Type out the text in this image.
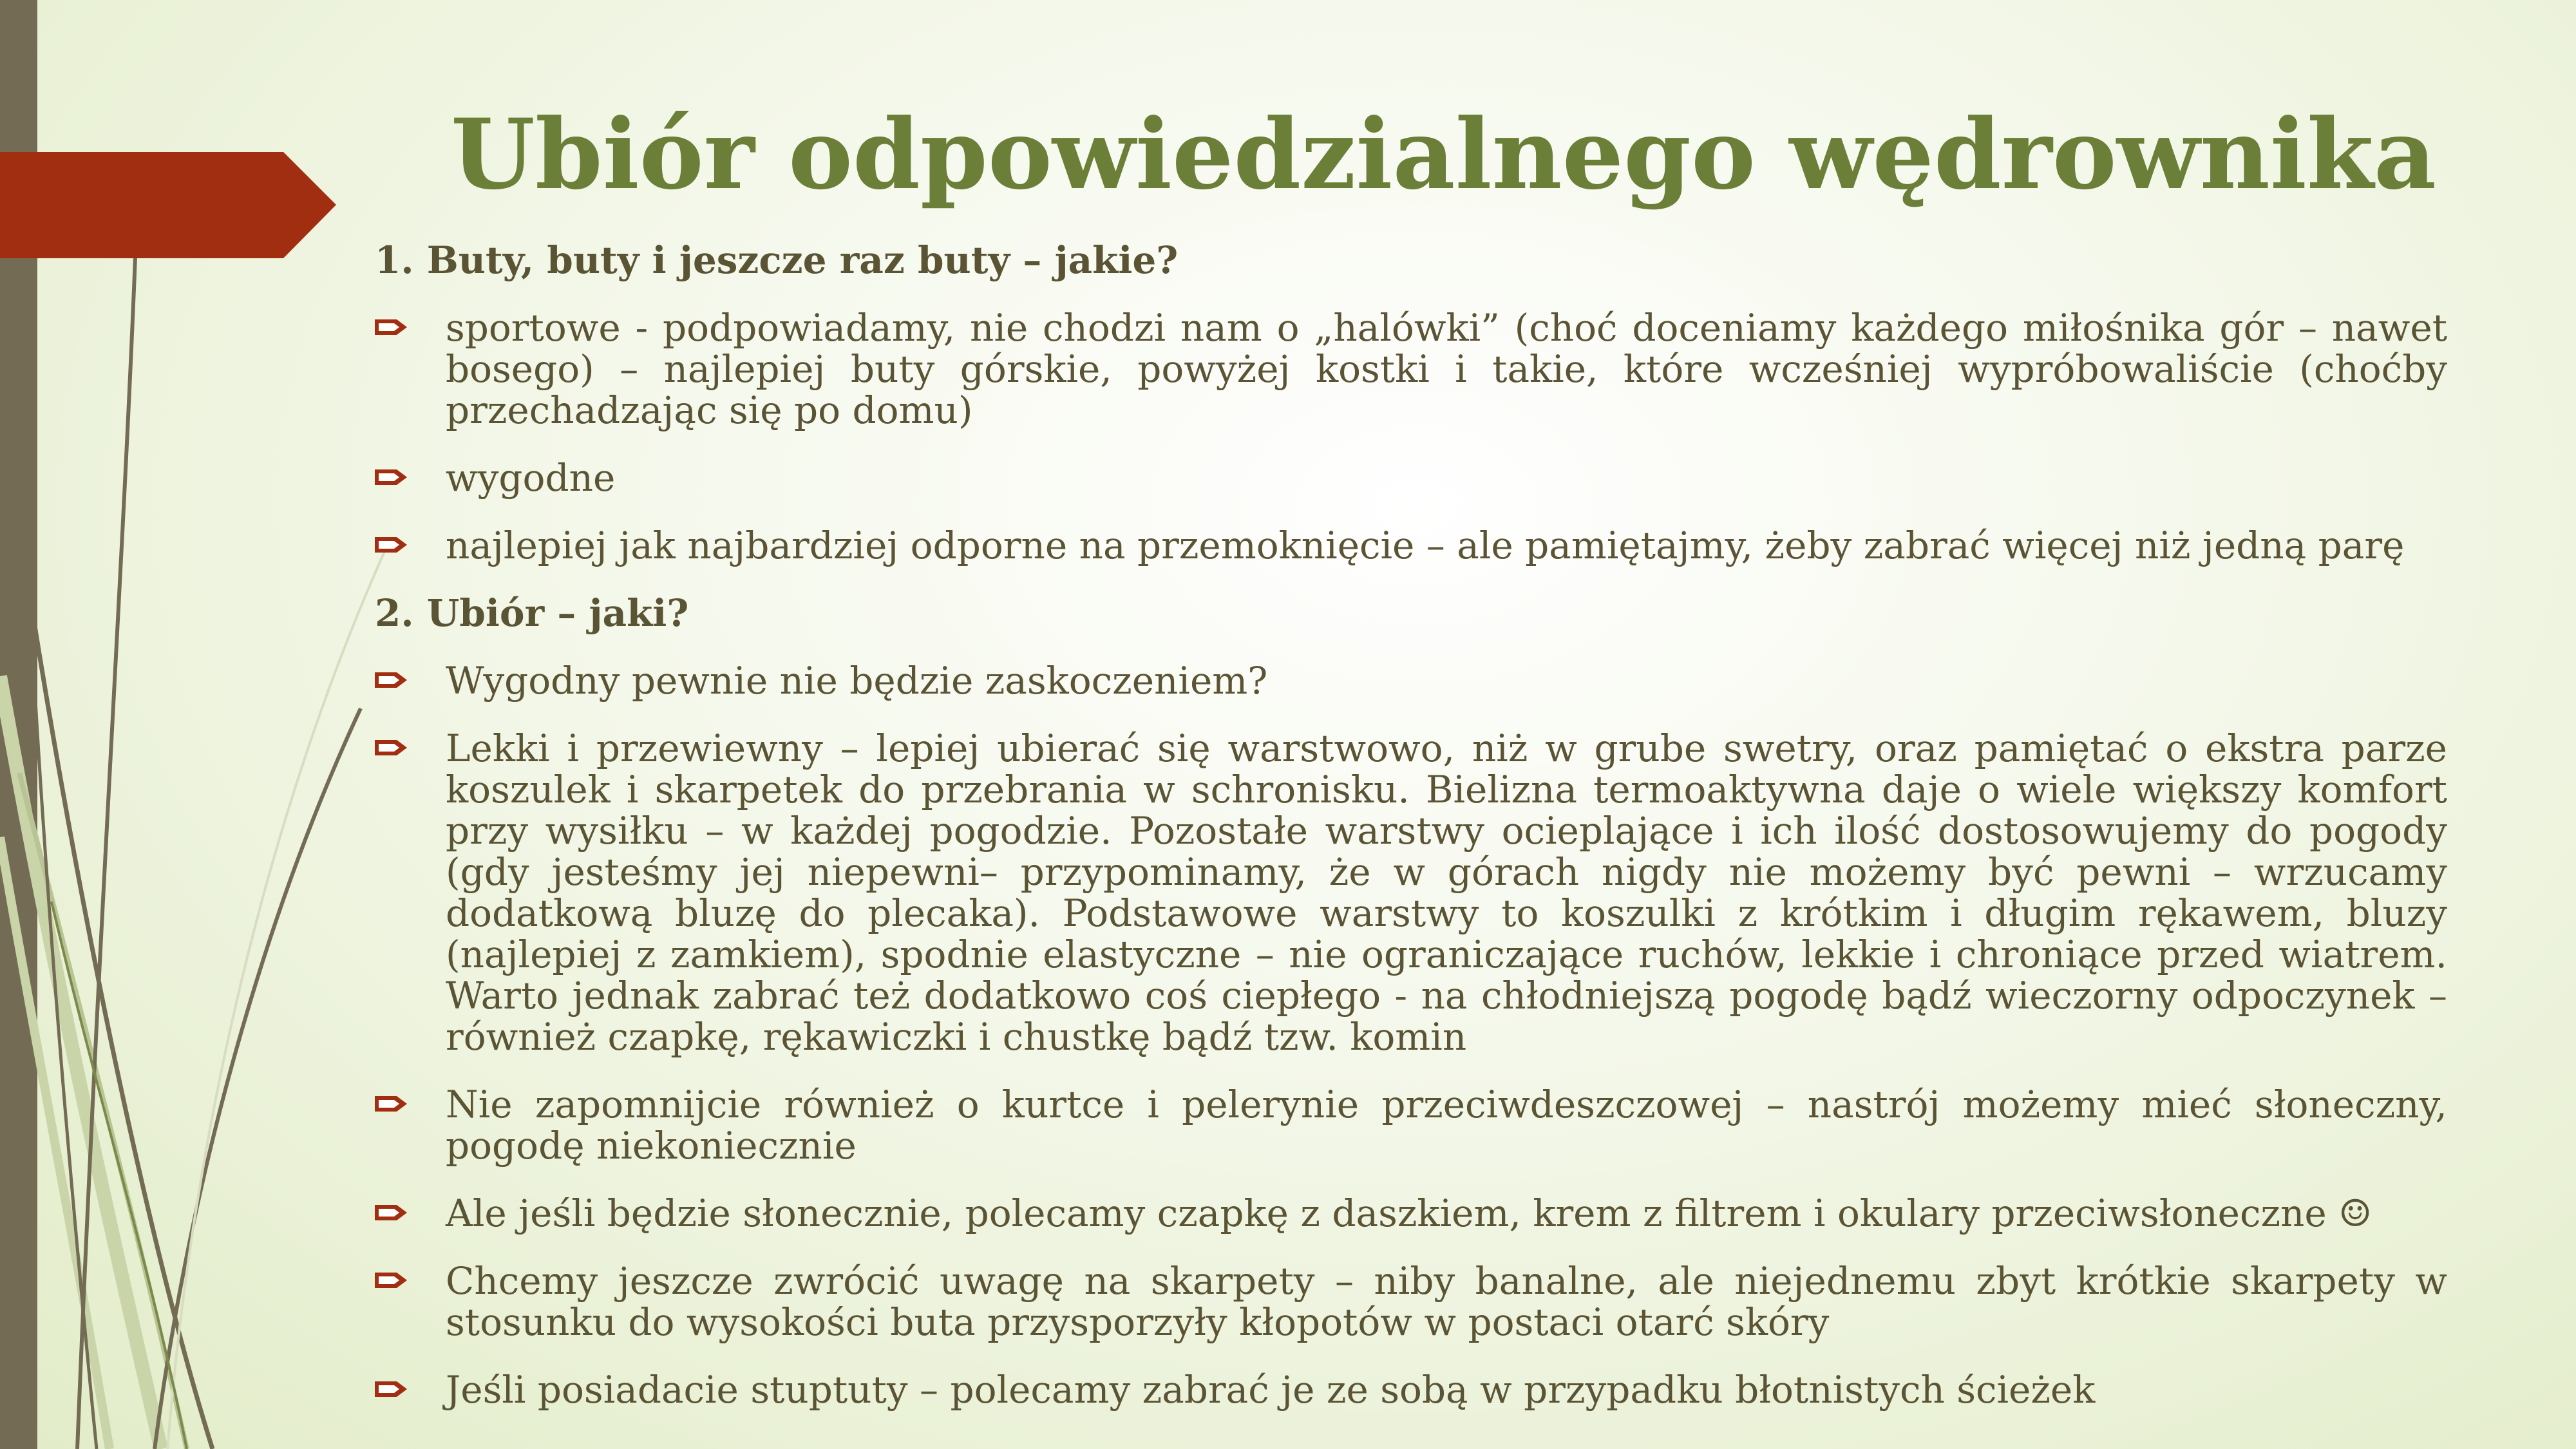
Ubiór odpowiedzialnego wędrownika
1. Buty, buty i jeszcze raz buty – jakie?
sportowe - podpowiadamy, nie chodzi nam o „halówki” (choć doceniamy każdego miłośnika gór – nawet bosego) – najlepiej buty górskie, powyżej kostki i takie, które wcześniej wypróbowaliście (choćby przechadzając się po domu)
wygodne
najlepiej jak najbardziej odporne na przemoknięcie – ale pamiętajmy, żeby zabrać więcej niż jedną parę
2. Ubiór – jaki?
Wygodny pewnie nie będzie zaskoczeniem?
Lekki i przewiewny – lepiej ubierać się warstwowo, niż w grube swetry, oraz pamiętać o ekstra parze koszulek i skarpetek do przebrania w schronisku. Bielizna termoaktywna daje o wiele większy komfort przy wysiłku – w każdej pogodzie. Pozostałe warstwy ocieplające i ich ilość dostosowujemy do pogody (gdy jesteśmy jej niepewni– przypominamy, że w górach nigdy nie możemy być pewni – wrzucamy dodatkową bluzę do plecaka). Podstawowe warstwy to koszulki z krótkim i długim rękawem, bluzy (najlepiej z zamkiem), spodnie elastyczne – nie ograniczające ruchów, lekkie i chroniące przed wiatrem. Warto jednak zabrać też dodatkowo coś ciepłego - na chłodniejszą pogodę bądź wieczorny odpoczynek – również czapkę, rękawiczki i chustkę bądź tzw. komin
Nie zapomnijcie również o kurtce i pelerynie przeciwdeszczowej – nastrój możemy mieć słoneczny, pogodę niekoniecznie
Ale jeśli będzie słonecznie, polecamy czapkę z daszkiem, krem z filtrem i okulary przeciwsłoneczne ☺
Chcemy jeszcze zwrócić uwagę na skarpety – niby banalne, ale niejednemu zbyt krótkie skarpety w stosunku do wysokości buta przysporzyły kłopotów w postaci otarć skóry
Jeśli posiadacie stuptuty – polecamy zabrać je ze sobą w przypadku błotnistych ścieżek
